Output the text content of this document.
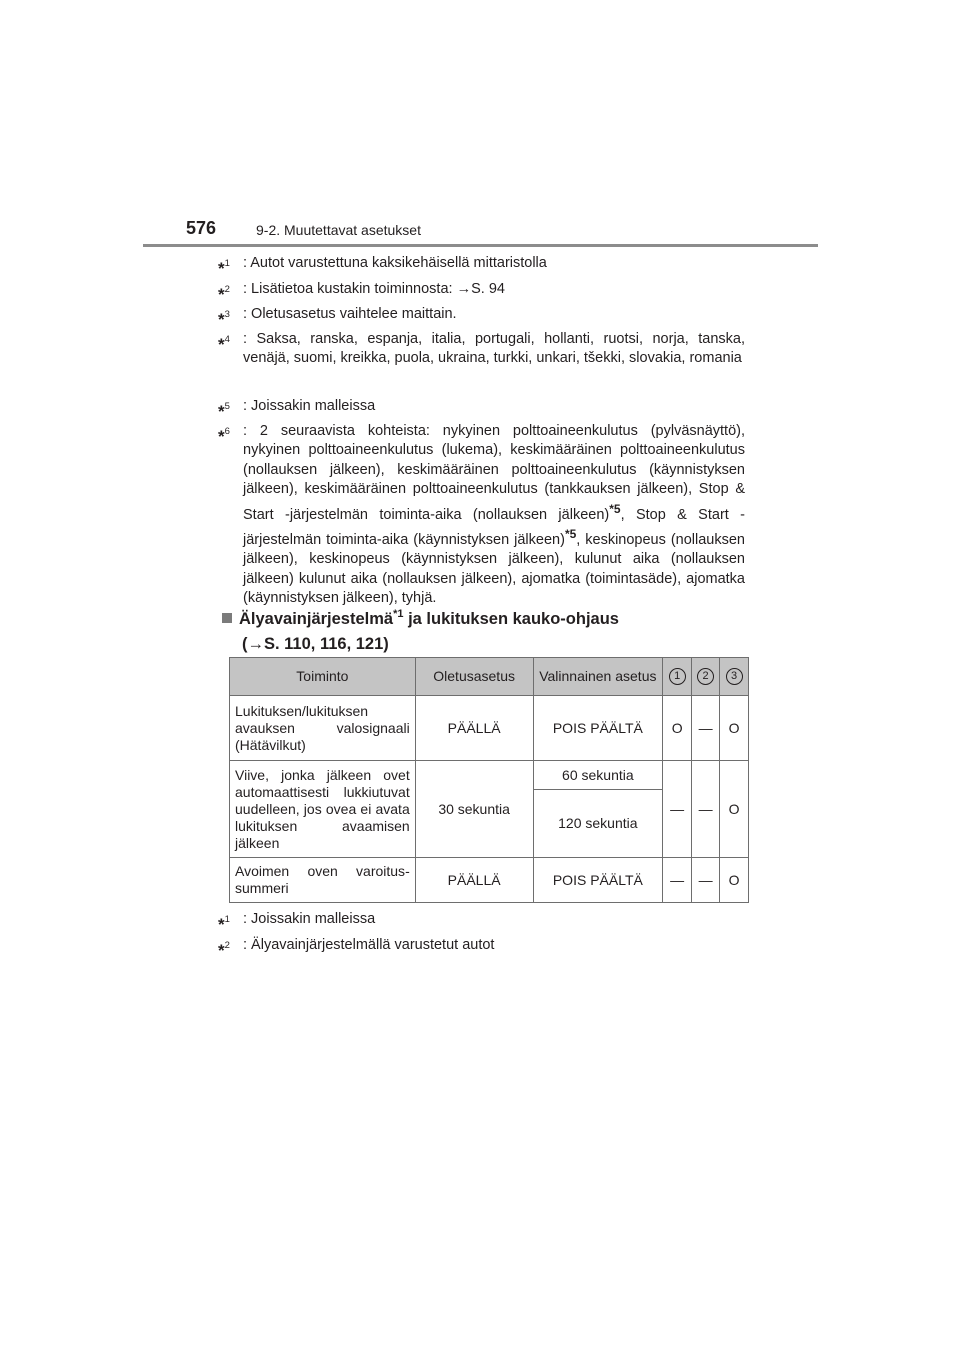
576	9-2. Muutettavat asetukset
*$^1$ : Autot varustettuna kaksikehäisellä mittaristolla
*$^2$ : Lisätietoa kustakin toiminnosta: →S. 94
*$^3$ : Oletusasetus vaihtelee maittain.
*$^4$ : Saksa, ranska, espanja, italia, portugali, hollanti, ruotsi, norja, tanska, venäjä, suomi, kreikka, puola, ukraina, turkki, unkari, tšekki, slovakia, romania
*$^5$ : Joissakin malleissa
*$^6$ : 2 seuraavista kohteista: nykyinen polttoaineenkulutus (pylväsnäyttö), nykyinen polttoaineenkulutus (lukema), keskimääräinen polttoaineenkulutus (nollauksen jälkeen), keskimääräinen polttoaineenkulutus (käynnistyksen jälkeen), keskimääräinen polttoaineenkulutus (tankkauksen jälkeen), Stop & Start -järjestelmän toiminta-aika (nollauksen jälkeen)$^{*5}$, Stop & Start -järjestelmän toiminta-aika (käynnistyksen jälkeen)$^{*5}$, keskinopeus (nollauksen jälkeen), keskinopeus (käynnistyksen jälkeen), kulunut aika (nollauksen jälkeen) kulunut aika (nollauksen jälkeen), ajomatka (toimintasäde), ajomatka (käynnistyksen jälkeen), tyhjä.
Älyavainjärjestelmä$^{*1}$ ja lukituksen kauko-ohjaus
(→S. 110, 116, 121)
Toiminto	Oletusasetus	Valinnainen asetus	1	2	3
Lukituksen/lukituksen avauksen valosignaali (Hätävilkut)	PÄÄLLÄ	POIS PÄÄLTÄ	O	—	O
Viive, jonka jälkeen ovet automaattisesti lukkiutuvat uudelleen, jos ovea ei avata lukituksen avaamisen jälkeen	30 sekuntia	60 sekuntia	—	—	O
		120 sekuntia			
Avoimen oven varoitussummeri	PÄÄLLÄ	POIS PÄÄLTÄ	—	—	O
*$^1$ : Joissakin malleissa
*$^2$ : Älyavainjärjestelmällä varustetut autot
